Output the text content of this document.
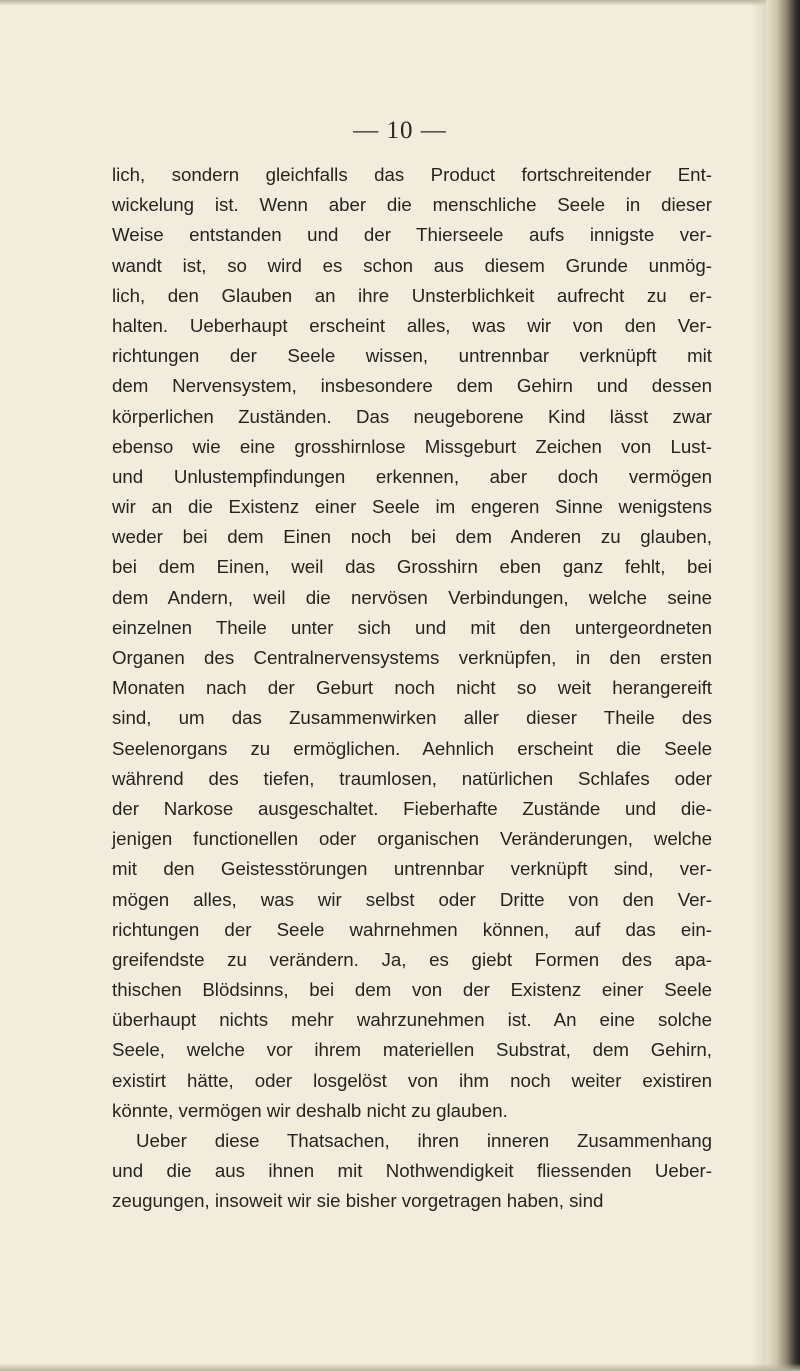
— 10 —
lich, sondern gleichfalls das Product fortschreitender Ent-
wickelung ist. Wenn aber die menschliche Seele in dieser
Weise entstanden und der Thierseele aufs innigste ver-
wandt ist, so wird es schon aus diesem Grunde unmög-
lich, den Glauben an ihre Unsterblichkeit aufrecht zu er-
halten. Ueberhaupt erscheint alles, was wir von den Ver-
richtungen der Seele wissen, untrennbar verknüpft mit
dem Nervensystem, insbesondere dem Gehirn und dessen
körperlichen Zuständen. Das neugeborene Kind lässt zwar
ebenso wie eine grosshirnlose Missgeburt Zeichen von Lust-
und Unlustempfindungen erkennen, aber doch vermögen
wir an die Existenz einer Seele im engeren Sinne wenigstens
weder bei dem Einen noch bei dem Anderen zu glauben,
bei dem Einen, weil das Grosshirn eben ganz fehlt, bei
dem Andern, weil die nervösen Verbindungen, welche seine
einzelnen Theile unter sich und mit den untergeordneten
Organen des Centralnervensystems verknüpfen, in den ersten
Monaten nach der Geburt noch nicht so weit herangereift
sind, um das Zusammenwirken aller dieser Theile des
Seelenorgans zu ermöglichen. Aehnlich erscheint die Seele
während des tiefen, traumlosen, natürlichen Schlafes oder
der Narkose ausgeschaltet. Fieberhafte Zustände und die-
jenigen functionellen oder organischen Veränderungen, welche
mit den Geistesstörungen untrennbar verknüpft sind, ver-
mögen alles, was wir selbst oder Dritte von den Ver-
richtungen der Seele wahrnehmen können, auf das ein-
greifendste zu verändern. Ja, es giebt Formen des apa-
thischen Blödsinns, bei dem von der Existenz einer Seele
überhaupt nichts mehr wahrzunehmen ist. An eine solche
Seele, welche vor ihrem materiellen Substrat, dem Gehirn,
existirt hätte, oder losgelöst von ihm noch weiter existiren
könnte, vermögen wir deshalb nicht zu glauben.
Ueber diese Thatsachen, ihren inneren Zusammenhang
und die aus ihnen mit Nothwendigkeit fliessenden Ueber-
zeugungen, insoweit wir sie bisher vorgetragen haben, sind
